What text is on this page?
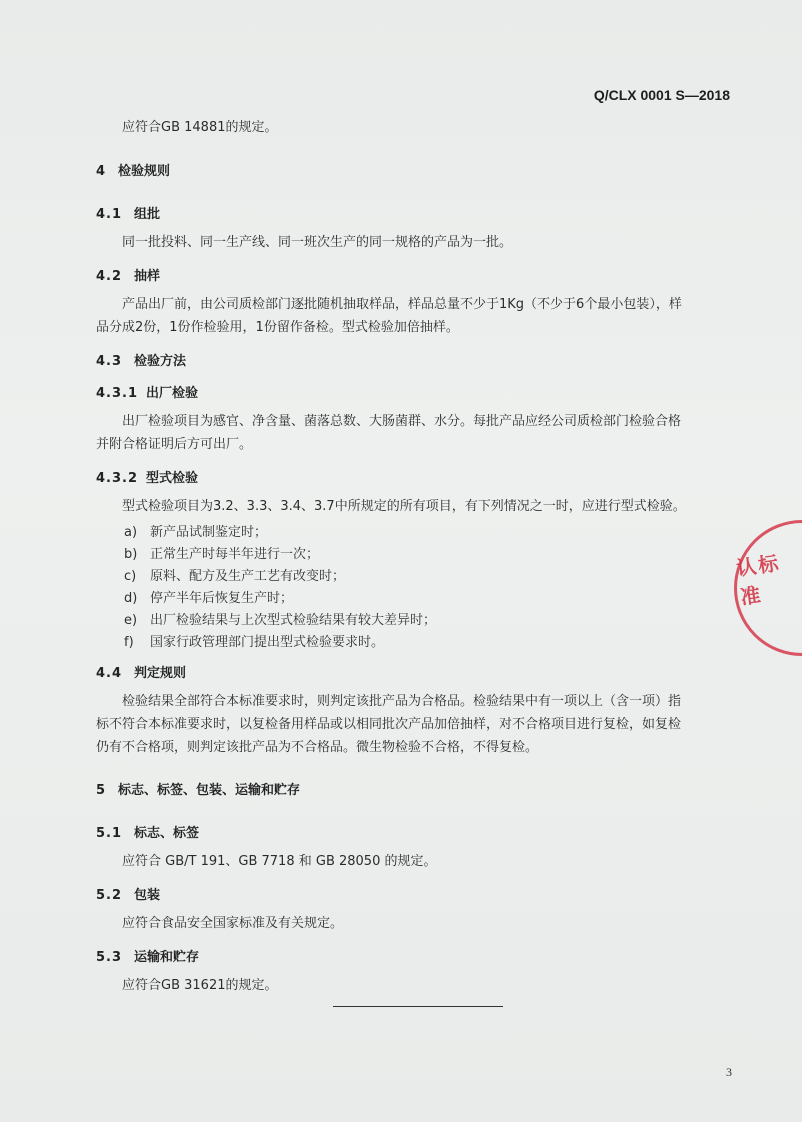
Q/CLX 0001 S—2018
应符合GB 14881的规定。
4 检验规则
4.1 组批
同一批投料、同一生产线、同一班次生产的同一规格的产品为一批。
4.2 抽样
产品出厂前，由公司质检部门逐批随机抽取样品，样品总量不少于1Kg（不少于6个最小包装），样
品分成2份，1份作检验用，1份留作备检。型式检验加倍抽样。
4.3 检验方法
4.3.1 出厂检验
出厂检验项目为感官、净含量、菌落总数、大肠菌群、水分。每批产品应经公司质检部门检验合格
并附合格证明后方可出厂。
4.3.2 型式检验
型式检验项目为3.2、3.3、3.4、3.7中所规定的所有项目，有下列情况之一时，应进行型式检验。
a) 新产品试制鉴定时；
b) 正常生产时每半年进行一次；
c) 原料、配方及生产工艺有改变时；
d) 停产半年后恢复生产时；
e) 出厂检验结果与上次型式检验结果有较大差异时；
f) 国家行政管理部门提出型式检验要求时。
4.4 判定规则
检验结果全部符合本标准要求时，则判定该批产品为合格品。检验结果中有一项以上（含一项）指
标不符合本标准要求时，以复检备用样品或以相同批次产品加倍抽样，对不合格项目进行复检，如复检
仍有不合格项，则判定该批产品为不合格品。微生物检验不合格，不得复检。
5 标志、标签、包装、运输和贮存
5.1 标志、标签
应符合 GB/T 191、GB 7718 和 GB 28050 的规定。
5.2 包装
应符合食品安全国家标准及有关规定。
5.3 运输和贮存
应符合GB 31621的规定。
3
认标准
